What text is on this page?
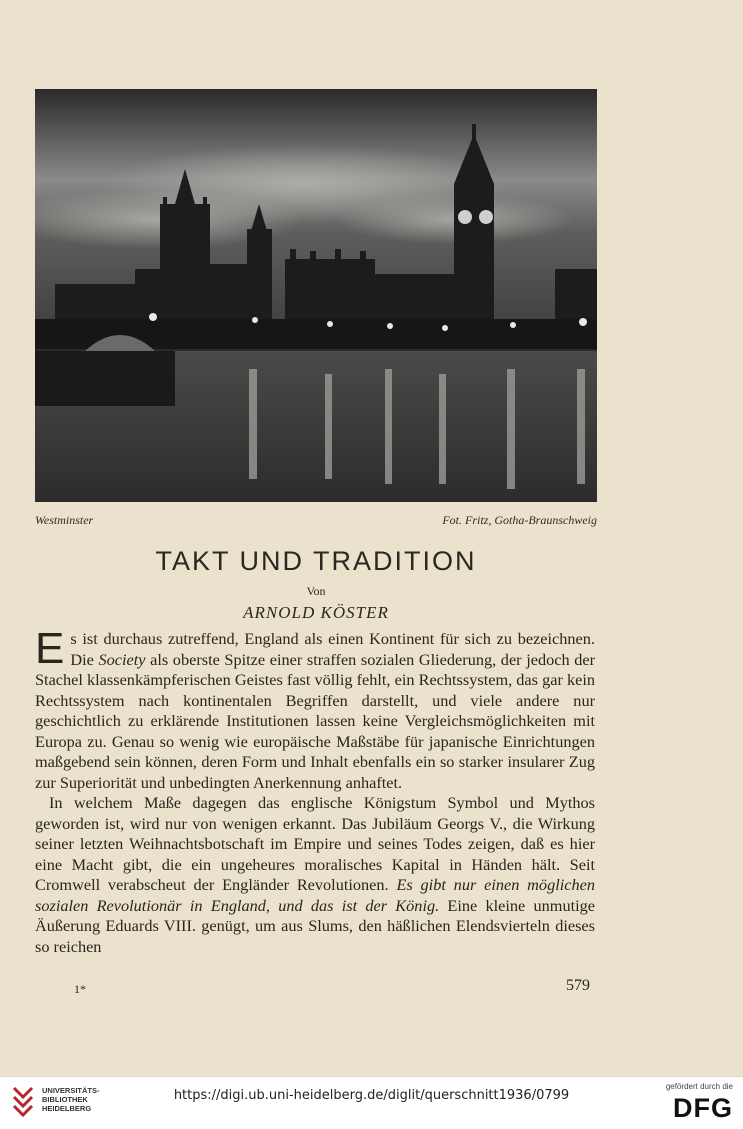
Westminster	Fot. Fritz, Gotha-Braunschweig
TAKT UND TRADITION
Von
ARNOLD KÖSTER

Es ist durchaus zutreffend, England als einen Kontinent für sich zu bezeichnen. Die Society als oberste Spitze einer straffen sozialen Gliederung, der jedoch der Stachel klassenkämpferischen Geistes fast völlig fehlt, ein Rechtssystem, das gar kein Rechtssystem nach kontinentalen Begriffen darstellt, und viele andere nur geschichtlich zu erklärende Institutionen lassen keine Vergleichsmöglichkeiten mit Europa zu. Genau so wenig wie europäische Maßstäbe für japanische Einrichtungen maßgebend sein können, deren Form und Inhalt ebenfalls ein so starker insularer Zug zur Superiorität und unbedingten Anerkennung anhaftet.

In welchem Maße dagegen das englische Königstum Symbol und Mythos geworden ist, wird nur von wenigen erkannt. Das Jubiläum Georgs V., die Wirkung seiner letzten Weihnachtsbotschaft im Empire und seines Todes zeigen, daß es hier eine Macht gibt, die ein ungeheures moralisches Kapital in Händen hält. Seit Cromwell verabscheut der Engländer Revolutionen. Es gibt nur einen möglichen sozialen Revolutionär in England, und das ist der König. Eine kleine unmutige Äußerung Eduards VIII. genügt, um aus Slums, den häßlichen Elendsvierteln dieses so reichen

1*	579
UNIVERSITÄTS-
BIBLIOTHEK
HEIDELBERG
https://digi.ub.uni-heidelberg.de/diglit/querschnitt1936/0799
gefördert durch die
DFG
